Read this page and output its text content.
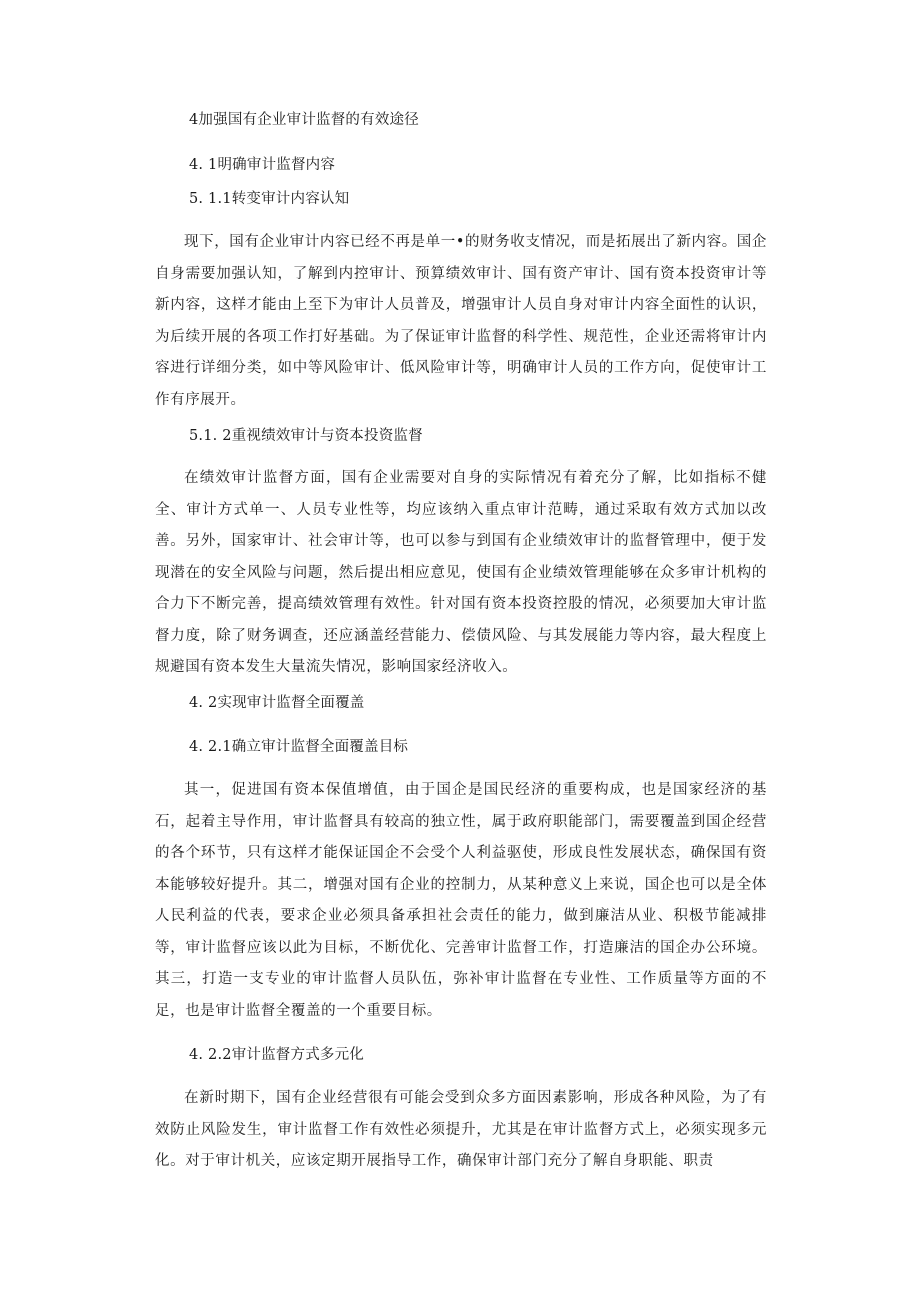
4加强国有企业审计监督的有效途径
4. 1明确审计监督内容
5. 1.1转变审计内容认知

现下，国有企业审计内容已经不再是单一•的财务收支情况，而是拓展出了新内容。国企自身需要加强认知，了解到内控审计、预算绩效审计、国有资产审计、国有资本投资审计等新内容，这样才能由上至下为审计人员普及，增强审计人员自身对审计内容全面性的认识，为后续开展的各项工作打好基础。为了保证审计监督的科学性、规范性，企业还需将审计内容进行详细分类，如中等风险审计、低风险审计等，明确审计人员的工作方向，促使审计工作有序展开。

5.1. 2重视绩效审计与资本投资监督

在绩效审计监督方面，国有企业需要对自身的实际情况有着充分了解，比如指标不健全、审计方式单一、人员专业性等，均应该纳入重点审计范畴，通过采取有效方式加以改善。另外，国家审计、社会审计等，也可以参与到国有企业绩效审计的监督管理中，便于发现潜在的安全风险与问题，然后提出相应意见，使国有企业绩效管理能够在众多审计机构的合力下不断完善，提高绩效管理有效性。针对国有资本投资控股的情况，必须要加大审计监督力度，除了财务调查，还应涵盖经营能力、偿债风险、与其发展能力等内容，最大程度上规避国有资本发生大量流失情况，影响国家经济收入。

4. 2实现审计监督全面覆盖
4. 2.1确立审计监督全面覆盖目标

其一，促进国有资本保值增值，由于国企是国民经济的重要构成，也是国家经济的基石，起着主导作用，审计监督具有较高的独立性，属于政府职能部门，需要覆盖到国企经营的各个环节，只有这样才能保证国企不会受个人利益驱使，形成良性发展状态，确保国有资本能够较好提升。其二，增强对国有企业的控制力，从某种意义上来说，国企也可以是全体人民利益的代表，要求企业必须具备承担社会责任的能力，做到廉洁从业、积极节能减排等，审计监督应该以此为目标，不断优化、完善审计监督工作，打造廉洁的国企办公环境。其三，打造一支专业的审计监督人员队伍，弥补审计监督在专业性、工作质量等方面的不足，也是审计监督全覆盖的一个重要目标。

4. 2.2审计监督方式多元化

在新时期下，国有企业经营很有可能会受到众多方面因素影响，形成各种风险，为了有效防止风险发生，审计监督工作有效性必须提升，尤其是在审计监督方式上，必须实现多元化。对于审计机关，应该定期开展指导工作，确保审计部门充分了解自身职能、职责
